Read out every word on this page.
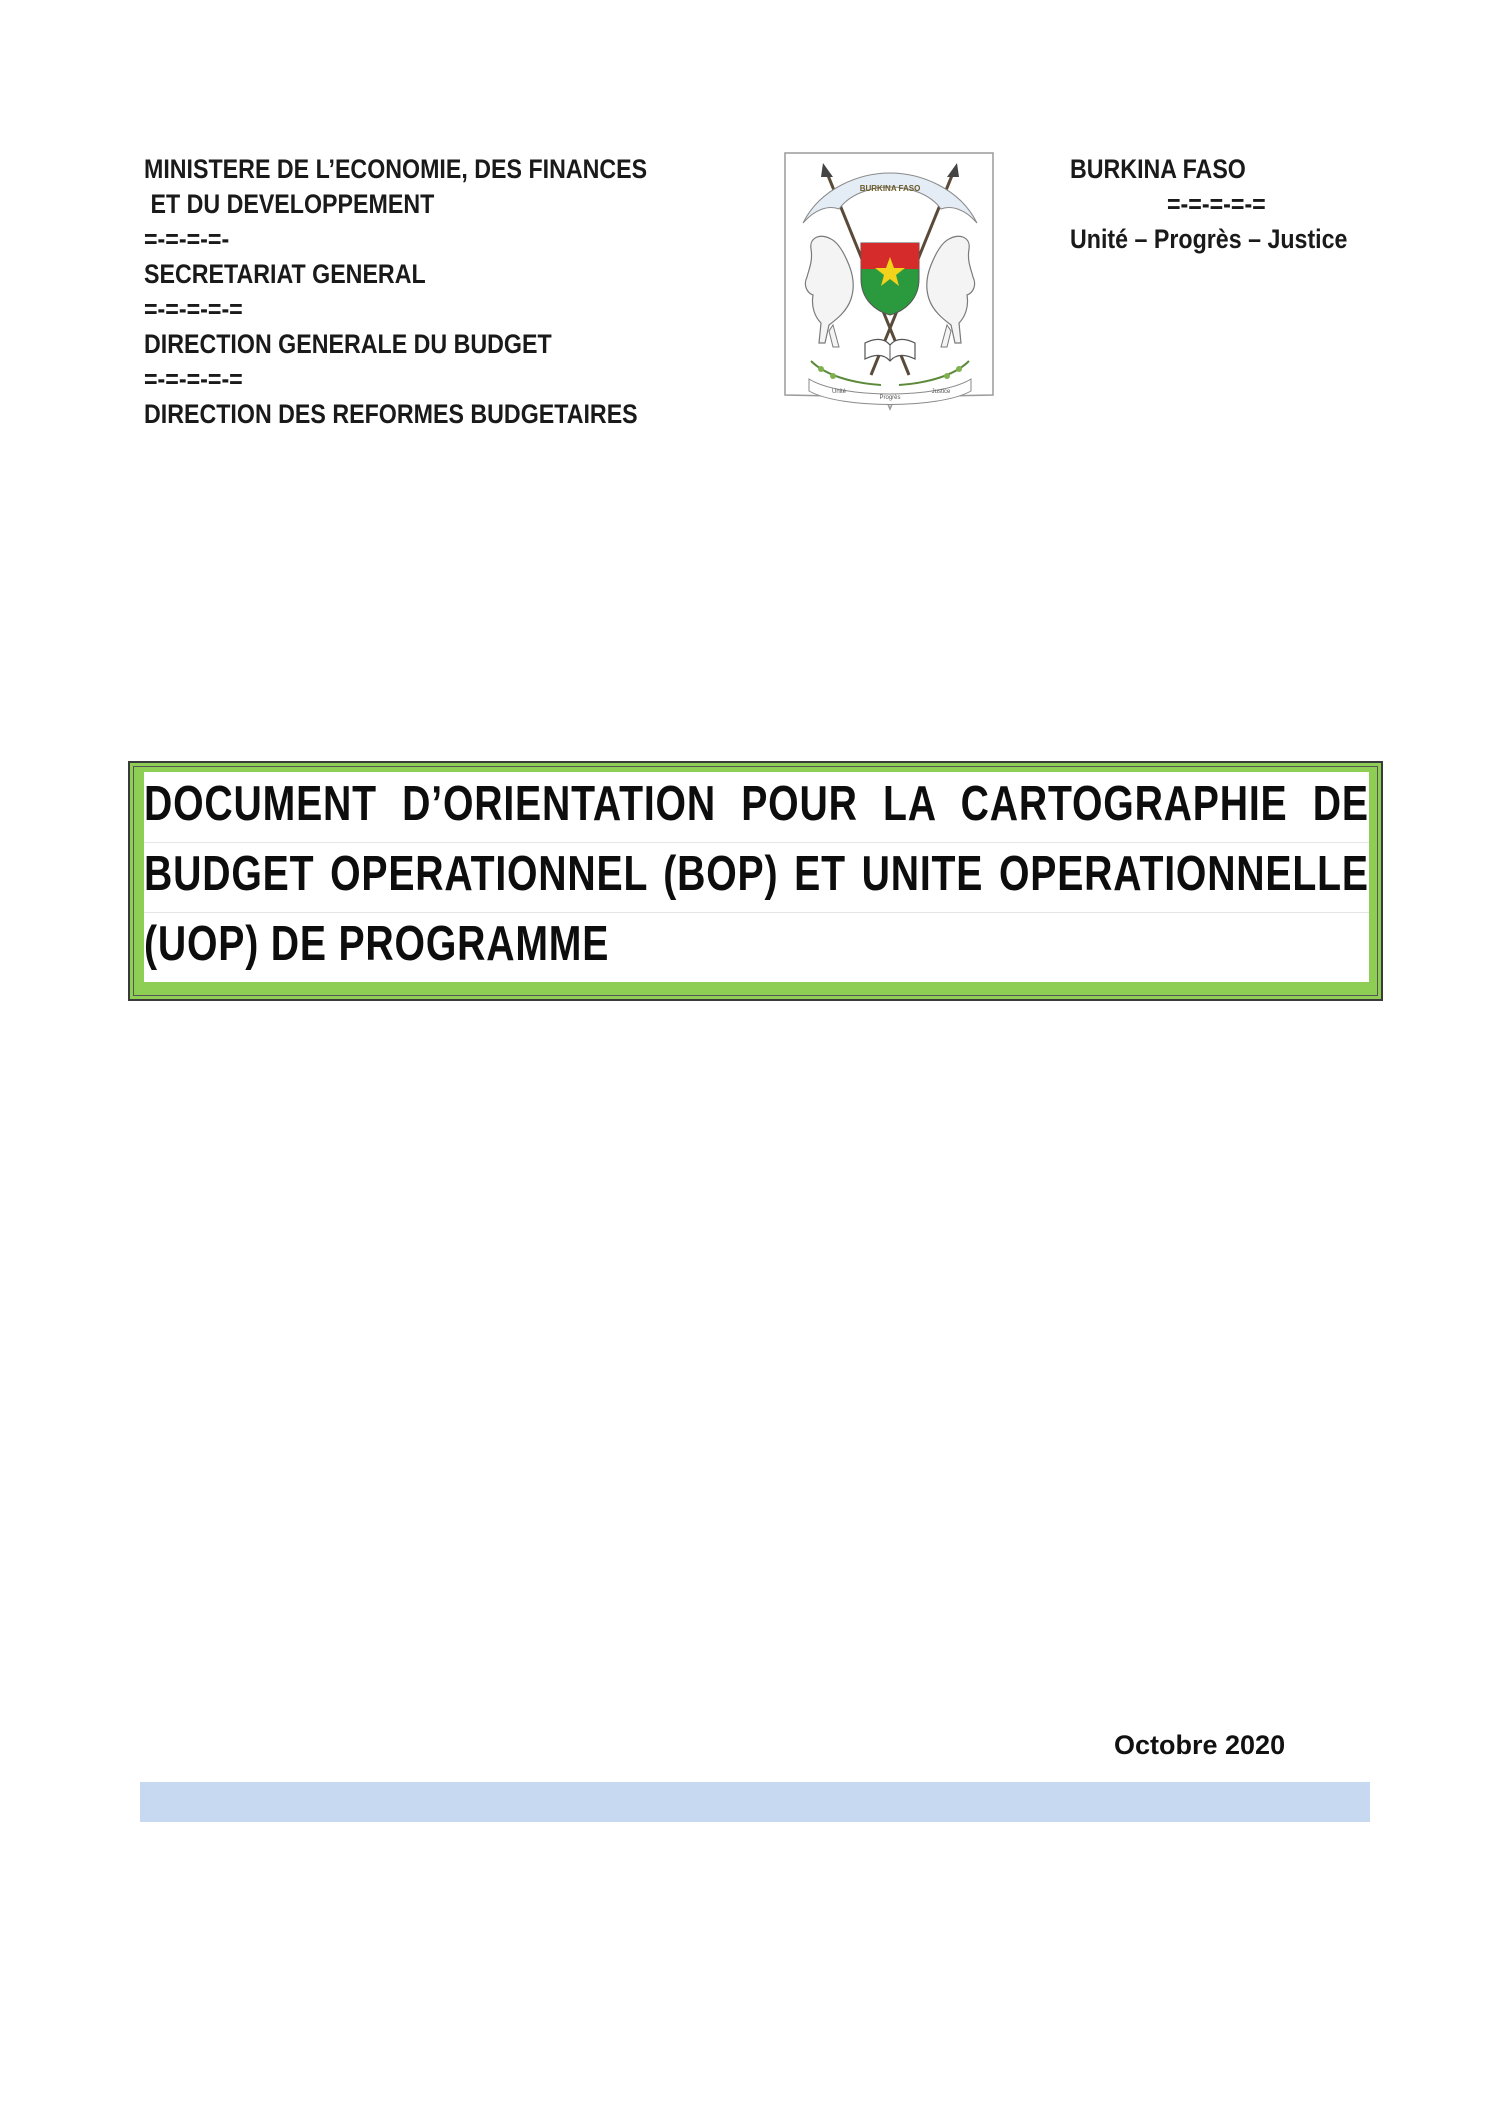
MINISTERE DE L’ECONOMIE, DES FINANCES
ET DU DEVELOPPEMENT
=-=-=-=-
SECRETARIAT GENERAL
=-=-=-=-=
DIRECTION GENERALE DU BUDGET
=-=-=-=-=
DIRECTION DES REFORMES BUDGETAIRES
BURKINA FASO
Unité
Progrès
Justice
BURKINA FASO
=-=-=-=-=
Unité – Progrès – Justice
DOCUMENT D’ORIENTATION POUR LA CARTOGRAPHIE DE
BUDGET OPERATIONNEL (BOP) ET UNITE OPERATIONNELLE
(UOP) DE PROGRAMME
Octobre 2020
